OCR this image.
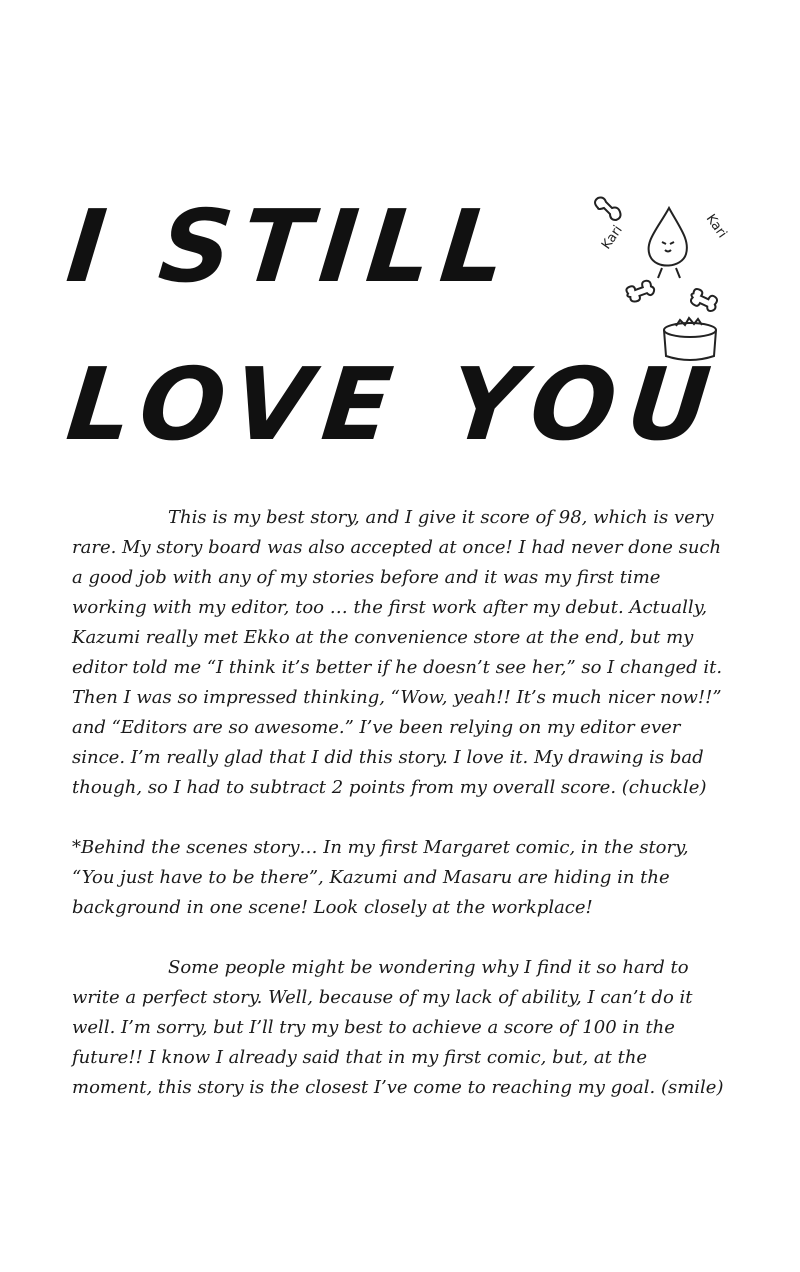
I STILL
LOVE YOU
Kari	Kari

This is my best story, and I give it score of 98, which is very rare. My story board was also accepted at once! I had never done such a good job with any of my stories before and it was my first time working with my editor, too … the first work after my debut. Actually, Kazumi really met Ekko at the convenience store at the end, but my editor told me “I think it’s better if he doesn’t see her,” so I changed it. Then I was so impressed thinking, “Wow, yeah!! It’s much nicer now!!” and “Editors are so awesome.” I’ve been relying on my editor ever since. I’m really glad that I did this story. I love it. My drawing is bad though, so I had to subtract 2 points from my overall score. (chuckle)

*Behind the scenes story… In my first Margaret comic, in the story, “You just have to be there”, Kazumi and Masaru are hiding in the background in one scene! Look closely at the workplace!

Some people might be wondering why I find it so hard to write a perfect story. Well, because of my lack of ability, I can’t do it well. I’m sorry, but I’ll try my best to achieve a score of 100 in the future!! I know I already said that in my first comic, but, at the moment, this story is the closest I’ve come to reaching my goal. (smile)
